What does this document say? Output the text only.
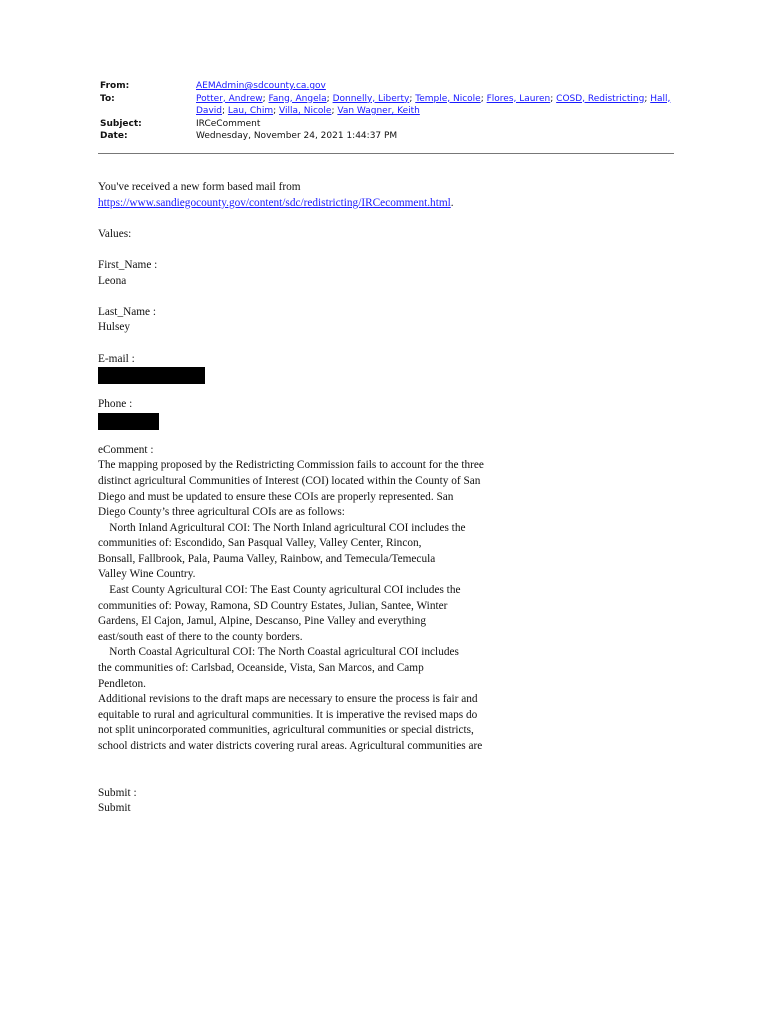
From:	AEMAdmin@sdcounty.ca.gov
To:	Potter, Andrew; Fang, Angela; Donnelly, Liberty; Temple, Nicole; Flores, Lauren; COSD, Redistricting; Hall, David; Lau, Chim; Villa, Nicole; Van Wagner, Keith
Subject:	IRCeComment
Date:	Wednesday, November 24, 2021 1:44:37 PM
You've received a new form based mail from
https://www.sandiegocounty.gov/content/sdc/redistricting/IRCecomment.html.
Values:
First_Name :
Leona
Last_Name :
Hulsey
E-mail :
Phone :
eComment :
The mapping proposed by the Redistricting Commission fails to account for the three
distinct agricultural Communities of Interest (COI) located within the County of San
Diego and must be updated to ensure these COIs are properly represented. San
Diego County’s three agricultural COIs are as follows:
North Inland Agricultural COI: The North Inland agricultural COI includes the
communities of: Escondido, San Pasqual Valley, Valley Center, Rincon,
Bonsall, Fallbrook, Pala, Pauma Valley, Rainbow, and Temecula/Temecula
Valley Wine Country.
East County Agricultural COI: The East County agricultural COI includes the
communities of: Poway, Ramona, SD Country Estates, Julian, Santee, Winter
Gardens, El Cajon, Jamul, Alpine, Descanso, Pine Valley and everything
east/south east of there to the county borders.
North Coastal Agricultural COI: The North Coastal agricultural COI includes
the communities of: Carlsbad, Oceanside, Vista, San Marcos, and Camp
Pendleton.
Additional revisions to the draft maps are necessary to ensure the process is fair and
equitable to rural and agricultural communities. It is imperative the revised maps do
not split unincorporated communities, agricultural communities or special districts,
school districts and water districts covering rural areas. Agricultural communities are
Submit :
Submit
